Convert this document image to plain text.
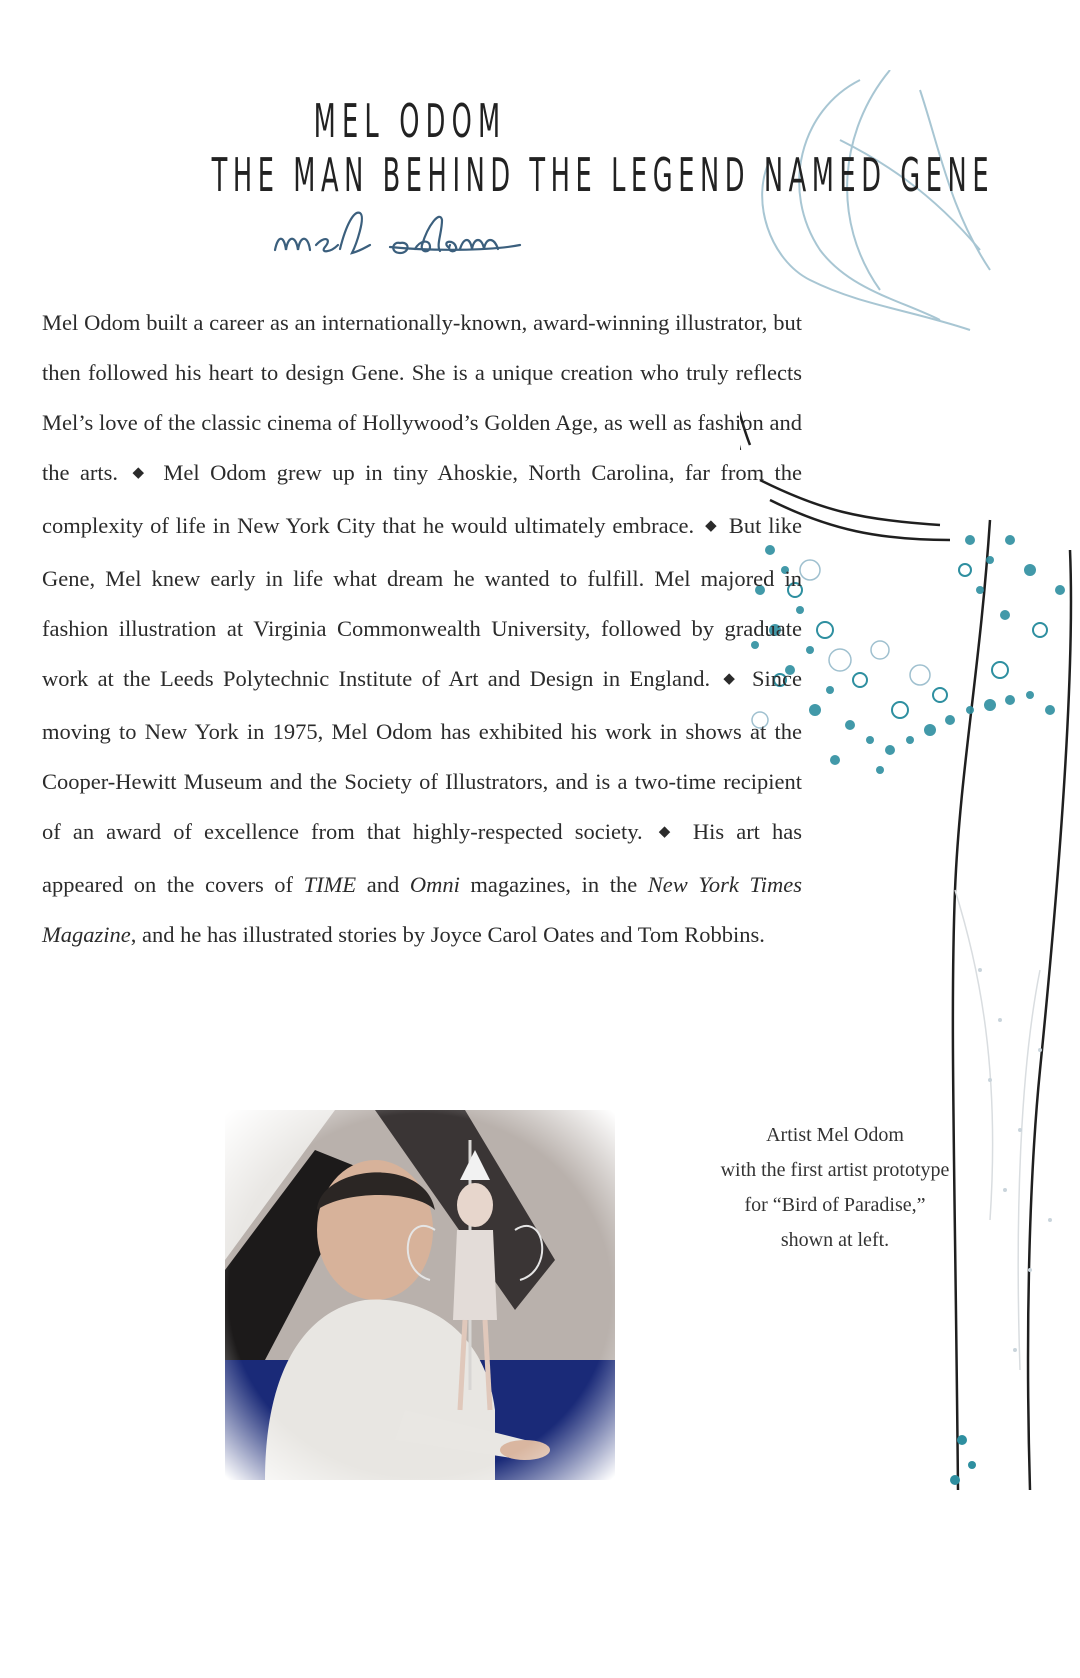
MEL ODOM
THE MAN BEHIND THE LEGEND NAMED GENE
Mel Odom built a career as an internationally-known, award-winning illustrator, but then followed his heart to design Gene. She is a unique creation who truly reflects Mel’s love of the classic cinema of Hollywood’s Golden Age, as well as fashion and the arts. ◆ Mel Odom grew up in tiny Ahoskie, North Carolina, far from the complexity of life in New York City that he would ultimately embrace. ◆ But like Gene, Mel knew early in life what dream he wanted to fulfill. Mel majored in fashion illustration at Virginia Commonwealth University, followed by graduate work at the Leeds Polytechnic Institute of Art and Design in England. ◆ Since moving to New York in 1975, Mel Odom has exhibited his work in shows at the Cooper-Hewitt Museum and the Society of Illustrators, and is a two-time recipient of an award of excellence from that highly-respected society. ◆ His art has appeared on the covers of TIME and Omni magazines, in the New York Times Magazine, and he has illustrated stories by Joyce Carol Oates and Tom Robbins.
Artist Mel Odom
with the first artist prototype
for “Bird of Paradise,”
shown at left.
